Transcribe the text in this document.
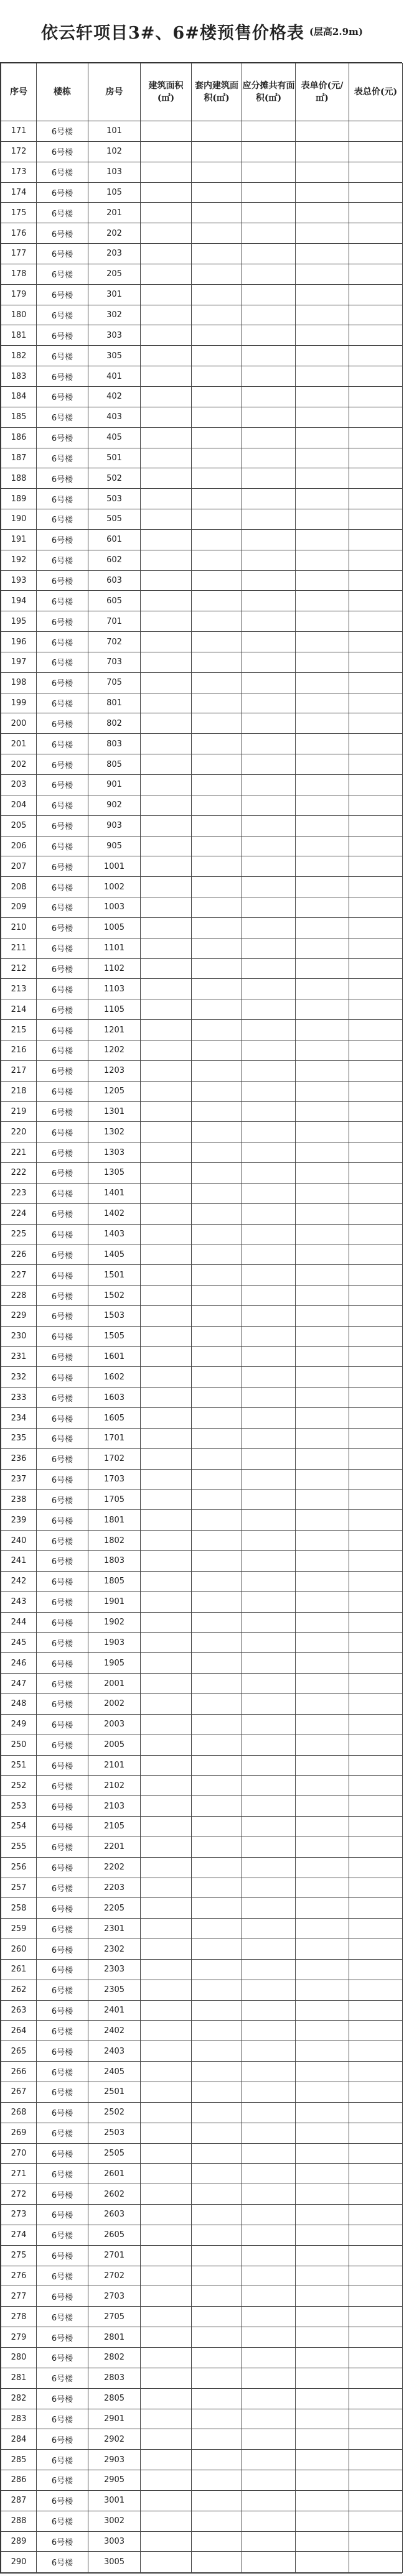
依云轩项目3#、6#楼预售价格表 (层高2.9m)
序号	楼栋	房号	建筑面积(㎡)	套内建筑面积(㎡)	应分摊共有面积(㎡)	表单价(元/㎡)	表总价(元)
171	6号楼	101					
172	6号楼	102					
173	6号楼	103					
174	6号楼	105					
175	6号楼	201					
176	6号楼	202					
177	6号楼	203					
178	6号楼	205					
179	6号楼	301					
180	6号楼	302					
181	6号楼	303					
182	6号楼	305					
183	6号楼	401					
184	6号楼	402					
185	6号楼	403					
186	6号楼	405					
187	6号楼	501					
188	6号楼	502					
189	6号楼	503					
190	6号楼	505					
191	6号楼	601					
192	6号楼	602					
193	6号楼	603					
194	6号楼	605					
195	6号楼	701					
196	6号楼	702					
197	6号楼	703					
198	6号楼	705					
199	6号楼	801					
200	6号楼	802					
201	6号楼	803					
202	6号楼	805					
203	6号楼	901					
204	6号楼	902					
205	6号楼	903					
206	6号楼	905					
207	6号楼	1001					
208	6号楼	1002					
209	6号楼	1003					
210	6号楼	1005					
211	6号楼	1101					
212	6号楼	1102					
213	6号楼	1103					
214	6号楼	1105					
215	6号楼	1201					
216	6号楼	1202					
217	6号楼	1203					
218	6号楼	1205					
219	6号楼	1301					
220	6号楼	1302					
221	6号楼	1303					
222	6号楼	1305					
223	6号楼	1401					
224	6号楼	1402					
225	6号楼	1403					
226	6号楼	1405					
227	6号楼	1501					
228	6号楼	1502					
229	6号楼	1503					
230	6号楼	1505					
231	6号楼	1601					
232	6号楼	1602					
233	6号楼	1603					
234	6号楼	1605					
235	6号楼	1701					
236	6号楼	1702					
237	6号楼	1703					
238	6号楼	1705					
239	6号楼	1801					
240	6号楼	1802					
241	6号楼	1803					
242	6号楼	1805					
243	6号楼	1901					
244	6号楼	1902					
245	6号楼	1903					
246	6号楼	1905					
247	6号楼	2001					
248	6号楼	2002					
249	6号楼	2003					
250	6号楼	2005					
251	6号楼	2101					
252	6号楼	2102					
253	6号楼	2103					
254	6号楼	2105					
255	6号楼	2201					
256	6号楼	2202					
257	6号楼	2203					
258	6号楼	2205					
259	6号楼	2301					
260	6号楼	2302					
261	6号楼	2303					
262	6号楼	2305					
263	6号楼	2401					
264	6号楼	2402					
265	6号楼	2403					
266	6号楼	2405					
267	6号楼	2501					
268	6号楼	2502					
269	6号楼	2503					
270	6号楼	2505					
271	6号楼	2601					
272	6号楼	2602					
273	6号楼	2603					
274	6号楼	2605					
275	6号楼	2701					
276	6号楼	2702					
277	6号楼	2703					
278	6号楼	2705					
279	6号楼	2801					
280	6号楼	2802					
281	6号楼	2803					
282	6号楼	2805					
283	6号楼	2901					
284	6号楼	2902					
285	6号楼	2903					
286	6号楼	2905					
287	6号楼	3001					
288	6号楼	3002					
289	6号楼	3003					
290	6号楼	3005					
